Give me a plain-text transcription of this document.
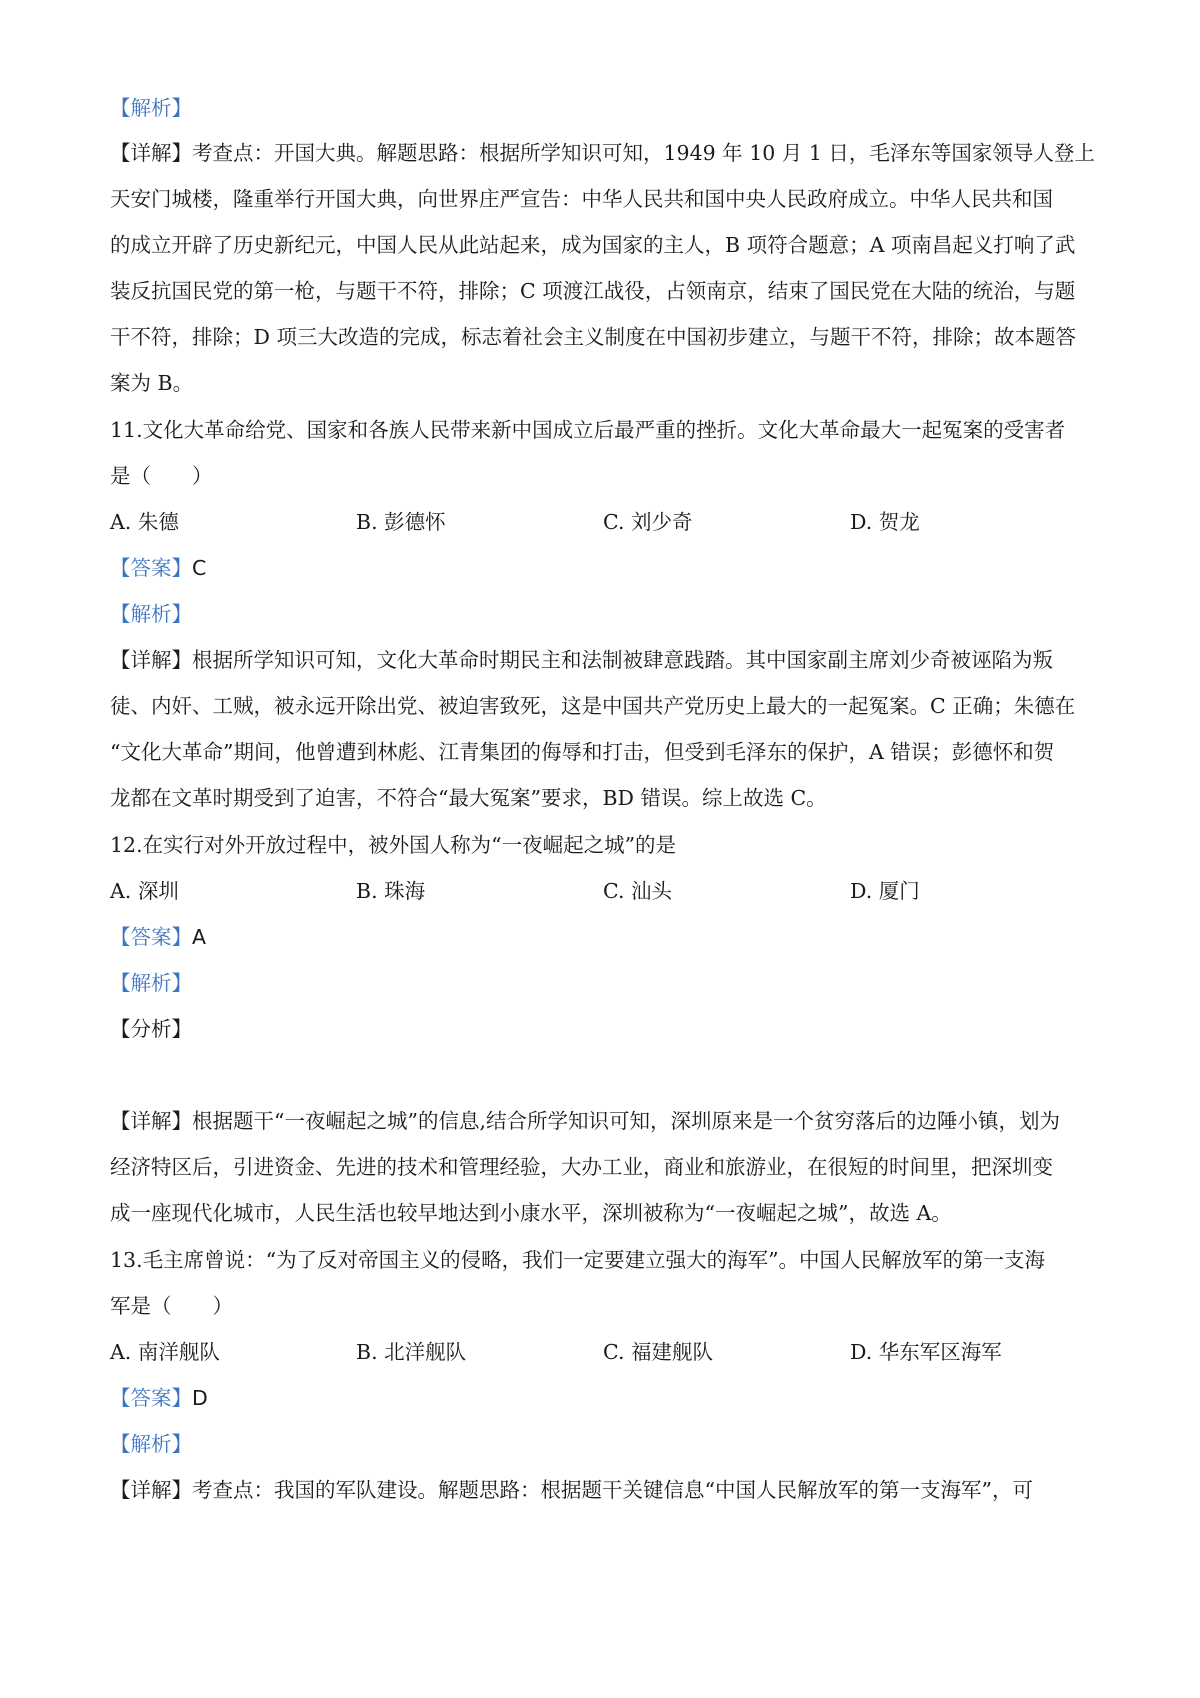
【解析】
【详解】考查点：开国大典。解题思路：根据所学知识可知，1949 年 10 月 1 日，毛泽东等国家领导人登上
天安门城楼，隆重举行开国大典，向世界庄严宣告：中华人民共和国中央人民政府成立。中华人民共和国
的成立开辟了历史新纪元，中国人民从此站起来，成为国家的主人，B 项符合题意；A 项南昌起义打响了武
装反抗国民党的第一枪，与题干不符，排除；C 项渡江战役，占领南京，结束了国民党在大陆的统治，与题
干不符，排除；D 项三大改造的完成，标志着社会主义制度在中国初步建立，与题干不符，排除；故本题答
案为 B。
11.文化大革命给党、国家和各族人民带来新中国成立后最严重的挫折。文化大革命最大一起冤案的受害者
是（　　）
A. 朱德	B. 彭德怀	C. 刘少奇	D. 贺龙
【答案】C
【解析】
【详解】根据所学知识可知，文化大革命时期民主和法制被肆意践踏。其中国家副主席刘少奇被诬陷为叛
徒、内奸、工贼，被永远开除出党、被迫害致死，这是中国共产党历史上最大的一起冤案。C 正确；朱德在
“文化大革命”期间，他曾遭到林彪、江青集团的侮辱和打击，但受到毛泽东的保护，A 错误；彭德怀和贺
龙都在文革时期受到了迫害，不符合“最大冤案”要求，BD 错误。综上故选 C。
12.在实行对外开放过程中，被外国人称为“一夜崛起之城”的是
A. 深圳	B. 珠海	C. 汕头	D. 厦门
【答案】A
【解析】
【分析】
【详解】根据题干“一夜崛起之城”的信息,结合所学知识可知，深圳原来是一个贫穷落后的边陲小镇，划为
经济特区后，引进资金、先进的技术和管理经验，大办工业，商业和旅游业，在很短的时间里，把深圳变
成一座现代化城市，人民生活也较早地达到小康水平，深圳被称为“一夜崛起之城”，故选 A。
13.毛主席曾说：“为了反对帝国主义的侵略，我们一定要建立强大的海军”。中国人民解放军的第一支海
军是（　　）
A. 南洋舰队	B. 北洋舰队	C. 福建舰队	D. 华东军区海军
【答案】D
【解析】
【详解】考查点：我国的军队建设。解题思路：根据题干关键信息“中国人民解放军的第一支海军”，可
